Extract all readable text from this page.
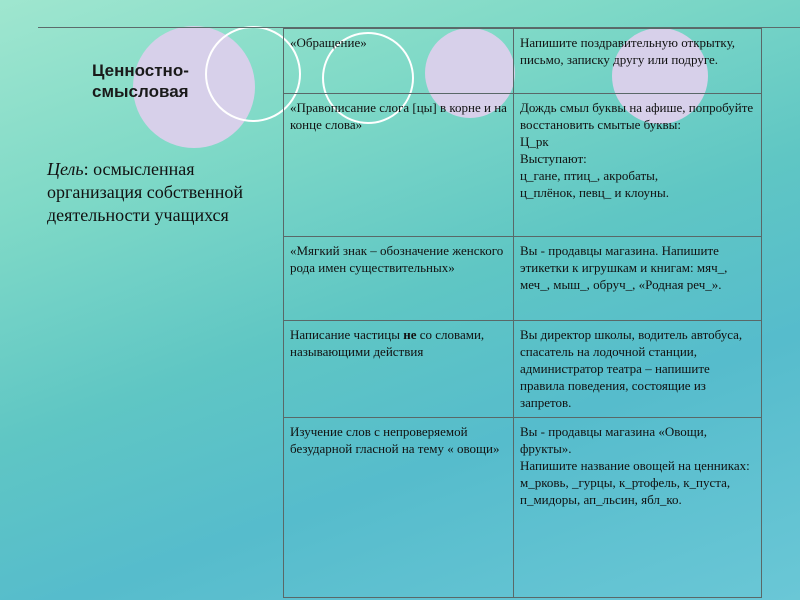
Ценностно-
смысловая
Цель: осмысленная организация собственной деятельности учащихся
«Обращение»	Напишите поздравительную открытку, письмо, записку другу или подруге.
«Правописание слога [цы] в корне и на конце слова»	Дождь смыл буквы на афише, попробуйте восстановить смытые буквы:
Ц_рк
Выступают:
ц_гане, птиц_, акробаты,
ц_плёнок, певц_ и клоуны.
«Мягкий знак – обозначение женского рода имен существительных»	Вы - продавцы магазина. Напишите этикетки к игрушкам и книгам: мяч_, меч_, мыш_, обруч_, «Родная реч_».
Написание частицы не со словами, называющими действия	Вы директор школы, водитель автобуса, спасатель на лодочной станции, администратор театра – напишите правила поведения, состоящие из запретов.
Изучение слов с непроверяемой безударной гласной на тему « овощи»	Вы - продавцы магазина «Овощи, фрукты».
Напишите название овощей на ценниках: м_рковь, _гурцы, к_ртофель, к_пуста, п_мидоры, ап_льсин, ябл_ко.
